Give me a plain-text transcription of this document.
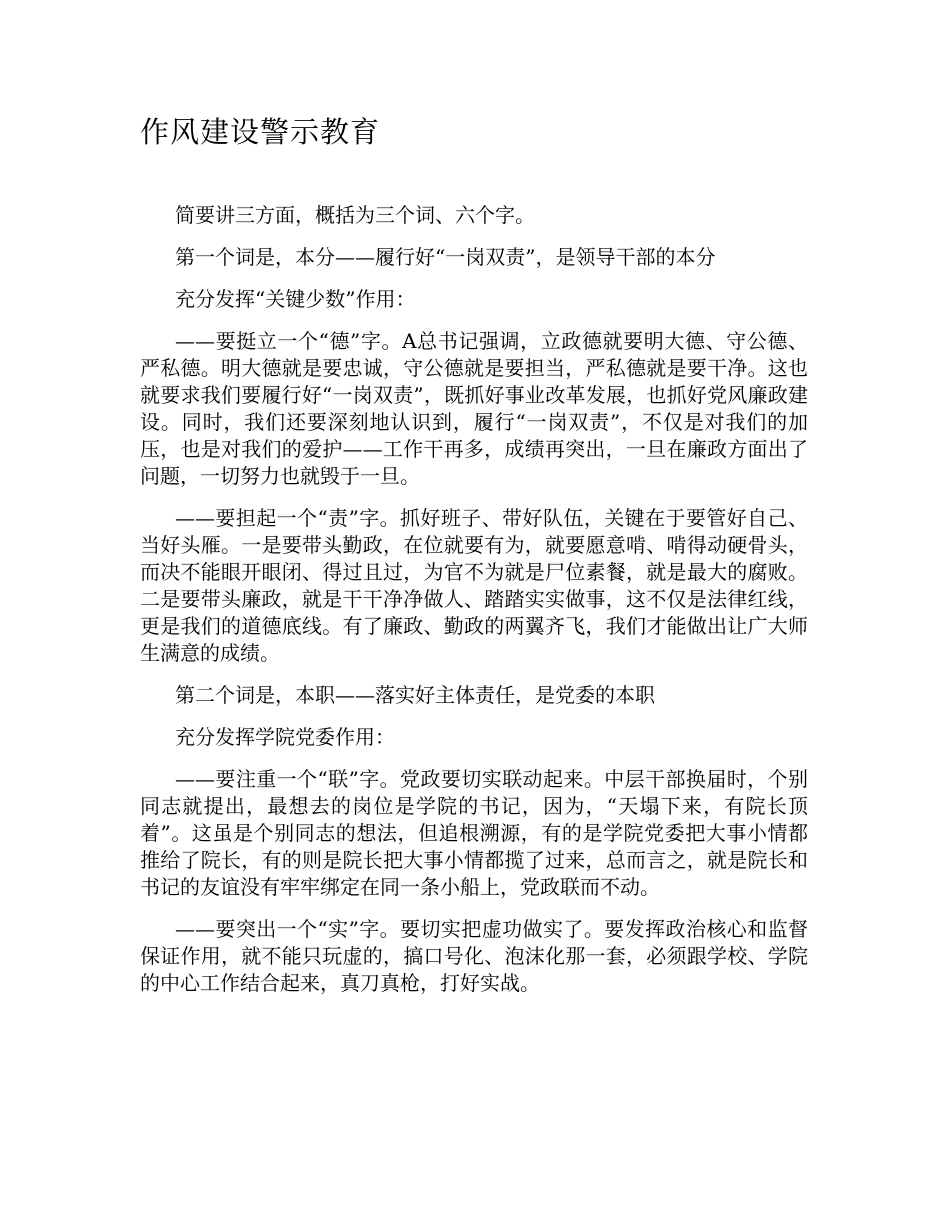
作风建设警示教育

简要讲三方面，概括为三个词、六个字。

第一个词是，本分——履行好“一岗双责”，是领导干部的本分

充分发挥“关键少数”作用：

——要挺立一个“德”字。A总书记强调，立政德就要明大德、守公德、严私德。明大德就是要忠诚，守公德就是要担当，严私德就是要干净。这也就要求我们要履行好“一岗双责”，既抓好事业改革发展，也抓好党风廉政建设。同时，我们还要深刻地认识到，履行“一岗双责”，不仅是对我们的加压，也是对我们的爱护——工作干再多，成绩再突出，一旦在廉政方面出了问题，一切努力也就毁于一旦。

——要担起一个“责”字。抓好班子、带好队伍，关键在于要管好自己、当好头雁。一是要带头勤政，在位就要有为，就要愿意啃、啃得动硬骨头，而决不能眼开眼闭、得过且过，为官不为就是尸位素餐，就是最大的腐败。二是要带头廉政，就是干干净净做人、踏踏实实做事，这不仅是法律红线，更是我们的道德底线。有了廉政、勤政的两翼齐飞，我们才能做出让广大师生满意的成绩。

第二个词是，本职——落实好主体责任，是党委的本职

充分发挥学院党委作用：

——要注重一个“联”字。党政要切实联动起来。中层干部换届时，个别同志就提出，最想去的岗位是学院的书记，因为，“天塌下来，有院长顶着”。这虽是个别同志的想法，但追根溯源，有的是学院党委把大事小情都推给了院长，有的则是院长把大事小情都揽了过来，总而言之，就是院长和书记的友谊没有牢牢绑定在同一条小船上，党政联而不动。

——要突出一个“实”字。要切实把虚功做实了。要发挥政治核心和监督保证作用，就不能只玩虚的，搞口号化、泡沫化那一套，必须跟学校、学院的中心工作结合起来，真刀真枪，打好实战。
